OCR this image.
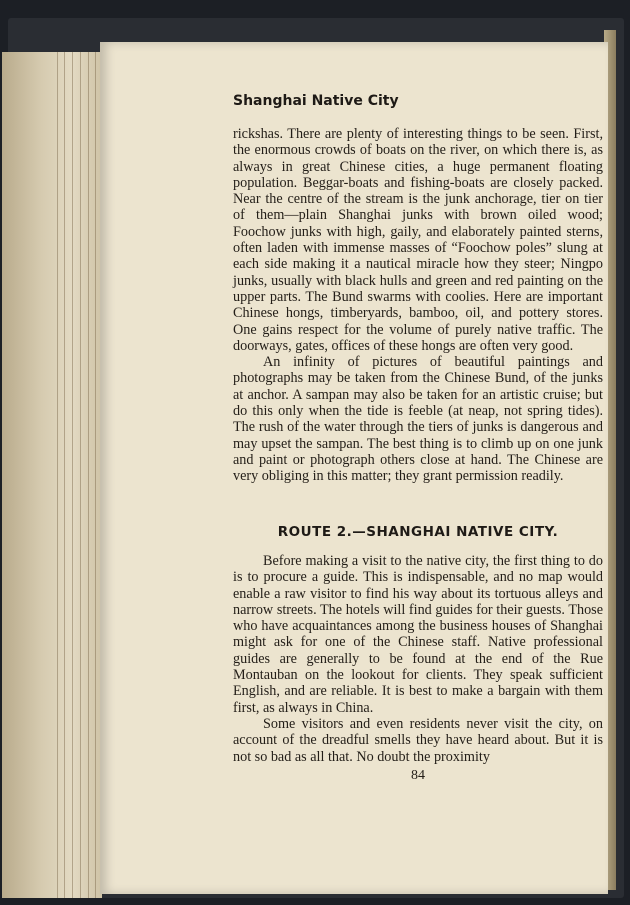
Shanghai Native City

rickshas. There are plenty of interesting things to be seen. First, the enormous crowds of boats on the river, on which there is, as always in great Chinese cities, a huge permanent floating population. Beggar-boats and fishing-boats are closely packed. Near the centre of the stream is the junk anchorage, tier on tier of them—plain Shanghai junks with brown oiled wood; Foochow junks with high, gaily, and elaborately painted sterns, often laden with immense masses of “Foochow poles” slung at each side making it a nautical miracle how they steer; Ningpo junks, usually with black hulls and green and red painting on the upper parts. The Bund swarms with coolies. Here are important Chinese hongs, timberyards, bamboo, oil, and pottery stores. One gains respect for the volume of purely native traffic. The doorways, gates, offices of these hongs are often very good.

An infinity of pictures of beautiful paintings and photographs may be taken from the Chinese Bund, of the junks at anchor. A sampan may also be taken for an artistic cruise; but do this only when the tide is feeble (at neap, not spring tides). The rush of the water through the tiers of junks is dangerous and may upset the sampan. The best thing is to climb up on one junk and paint or photograph others close at hand. The Chinese are very obliging in this matter; they grant permission readily.

ROUTE 2.—SHANGHAI NATIVE CITY.

Before making a visit to the native city, the first thing to do is to procure a guide. This is indispensable, and no map would enable a raw visitor to find his way about its tortuous alleys and narrow streets. The hotels will find guides for their guests. Those who have acquaintances among the business houses of Shanghai might ask for one of the Chinese staff. Native professional guides are generally to be found at the end of the Rue Montauban on the lookout for clients. They speak sufficient English, and are reliable. It is best to make a bargain with them first, as always in China.

Some visitors and even residents never visit the city, on account of the dreadful smells they have heard about. But it is not so bad as all that. No doubt the proximity

84
